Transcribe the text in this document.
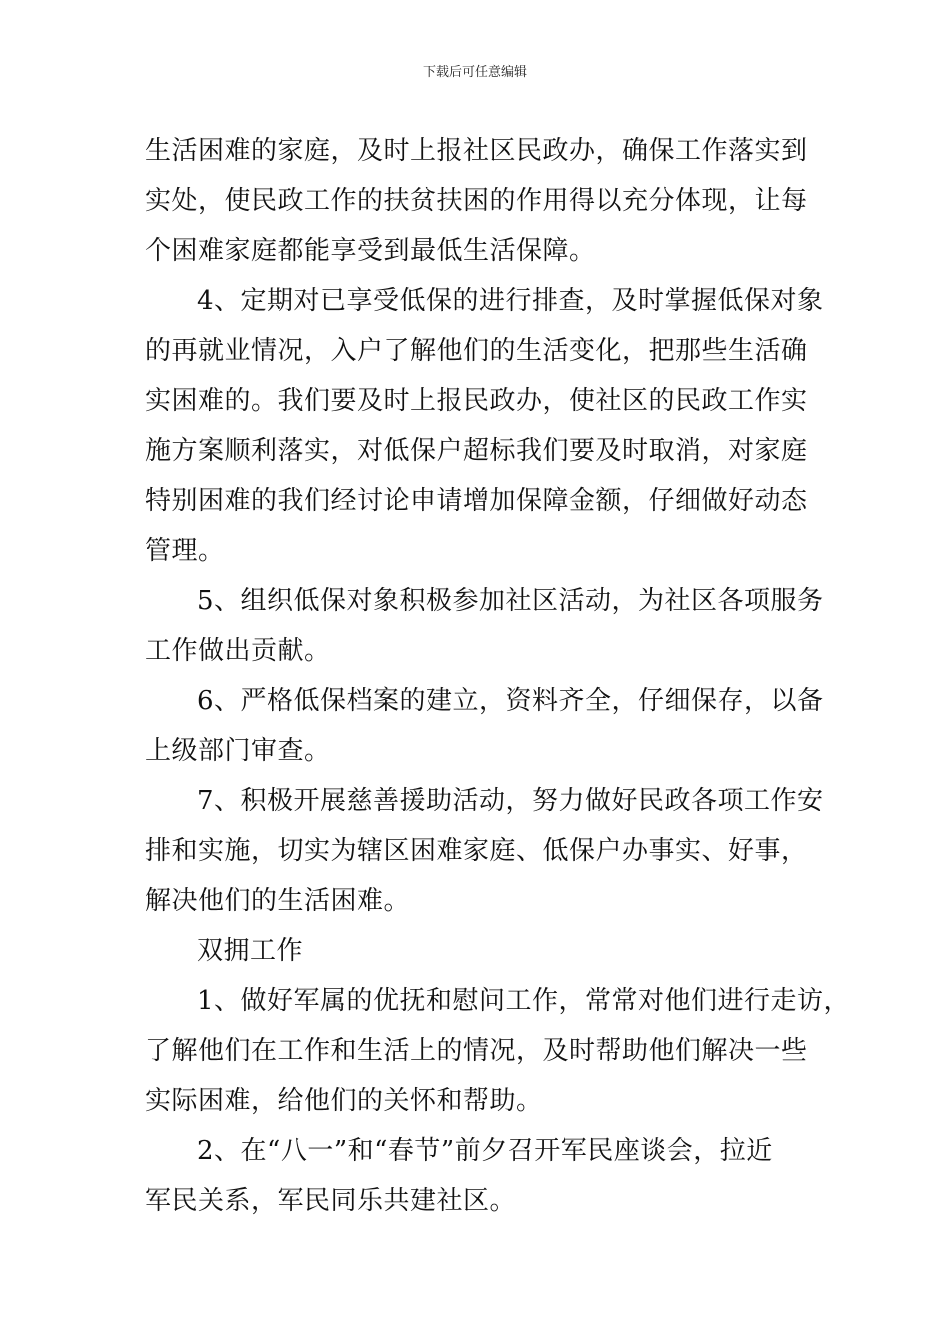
下载后可任意编辑
生活困难的家庭，及时上报社区民政办，确保工作落实到
实处，使民政工作的扶贫扶困的作用得以充分体现，让每
个困难家庭都能享受到最低生活保障。
4、定期对已享受低保的进行排查，及时掌握低保对象
的再就业情况，入户了解他们的生活变化，把那些生活确
实困难的。我们要及时上报民政办，使社区的民政工作实
施方案顺利落实，对低保户超标我们要及时取消，对家庭
特别困难的我们经讨论申请增加保障金额，仔细做好动态
管理。
5、组织低保对象积极参加社区活动，为社区各项服务
工作做出贡献。
6、严格低保档案的建立，资料齐全，仔细保存，以备
上级部门审查。
7、积极开展慈善援助活动，努力做好民政各项工作安
排和实施，切实为辖区困难家庭、低保户办事实、好事，
解决他们的生活困难。
双拥工作
1、做好军属的优抚和慰问工作，常常对他们进行走访，
了解他们在工作和生活上的情况，及时帮助他们解决一些
实际困难，给他们的关怀和帮助。
2、在“八一”和“春节”前夕召开军民座谈会，拉近
军民关系，军民同乐共建社区。
